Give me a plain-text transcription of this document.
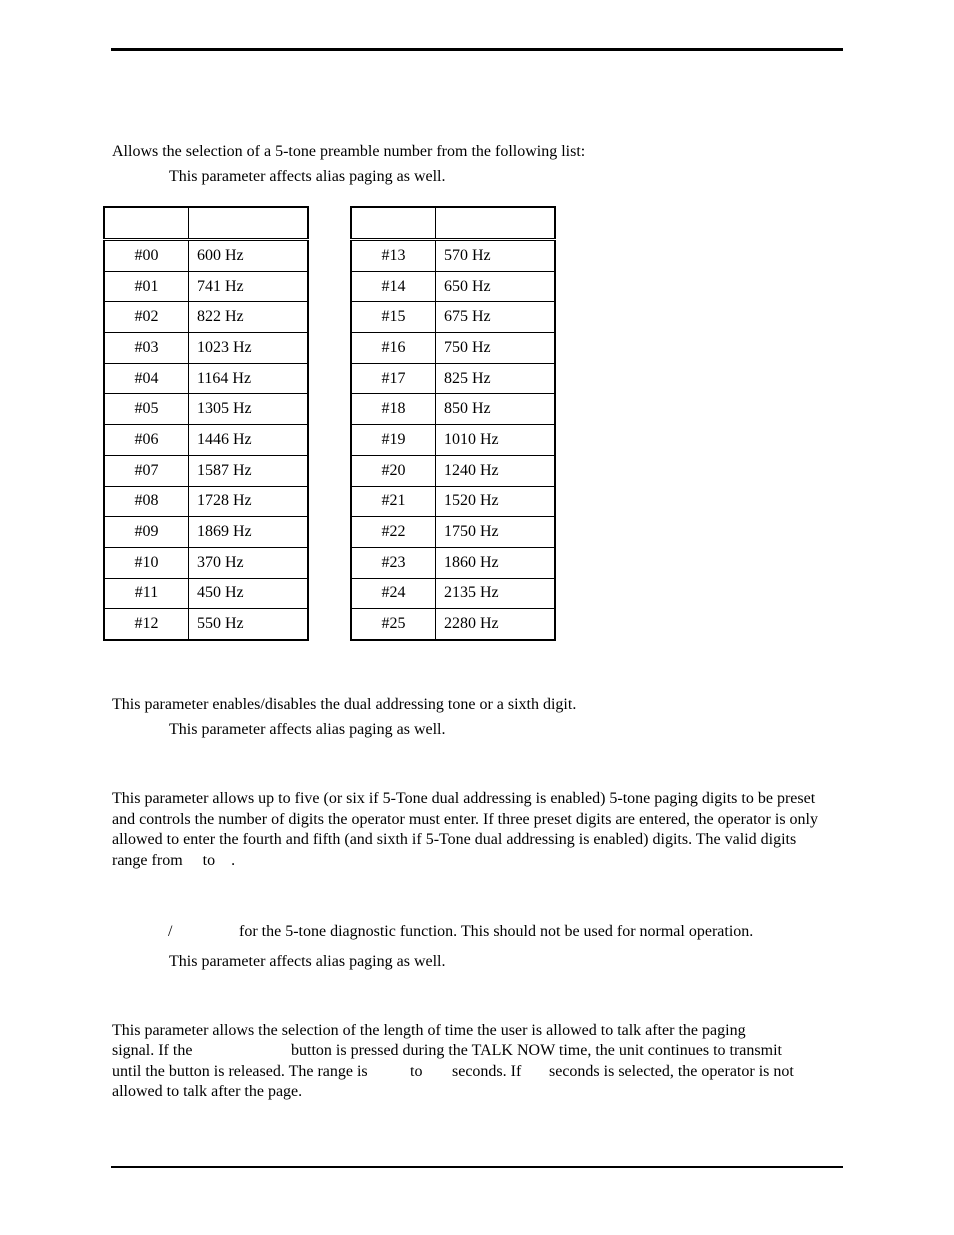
Allows the selection of a 5-tone preamble number from the following list:

This parameter affects alias paging as well.

#00	600 Hz
#01	741 Hz
#02	822 Hz
#03	1023 Hz
#04	1164 Hz
#05	1305 Hz
#06	1446 Hz
#07	1587 Hz
#08	1728 Hz
#09	1869 Hz
#10	370 Hz
#11	450 Hz
#12	550 Hz

#13	570 Hz
#14	650 Hz
#15	675 Hz
#16	750 Hz
#17	825 Hz
#18	850 Hz
#19	1010 Hz
#20	1240 Hz
#21	1520 Hz
#22	1750 Hz
#23	1860 Hz
#24	2135 Hz
#25	2280 Hz

This parameter enables/disables the dual addressing tone or a sixth digit.

This parameter affects alias paging as well.

This parameter allows up to five (or six if 5-Tone dual addressing is enabled) 5-tone paging digits to be preset and controls the number of digits the operator must enter. If three preset digits are entered, the operator is only allowed to enter the fourth and fifth (and sixth if 5-Tone dual addressing is enabled) digits. The valid digits range from to .

/	for the 5-tone diagnostic function. This should not be used for normal operation.

This parameter affects alias paging as well.

This parameter allows the selection of the length of time the user is allowed to talk after the paging

signal. If the	button is pressed during the TALK NOW time, the unit continues to transmit

until the button is released. The range is	to seconds. If seconds is selected, the operator is not

allowed to talk after the page.
